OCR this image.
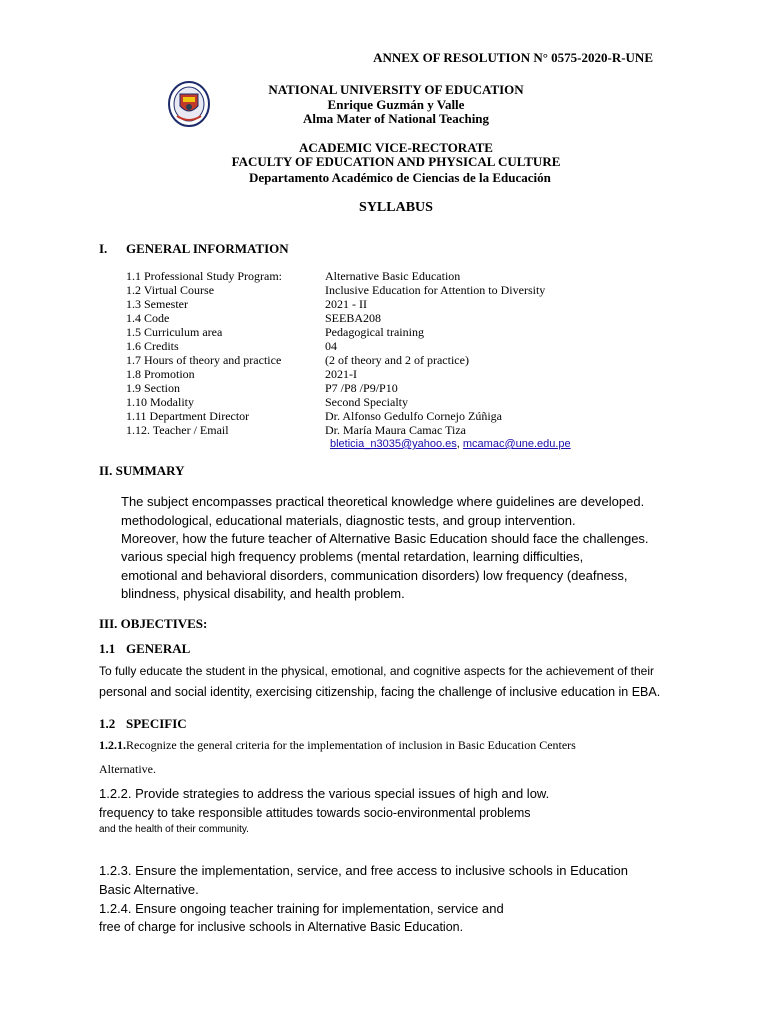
ANNEX OF RESOLUTION N° 0575-2020-R-UNE
NATIONAL UNIVERSITY OF EDUCATION
Enrique Guzmán y Valle
Alma Mater of National Teaching
ACADEMIC VICE-RECTORATE
FACULTY OF EDUCATION AND PHYSICAL CULTURE
Departamento Académico de Ciencias de la Educación
SYLLABUS
I. GENERAL INFORMATION
1.1 Professional Study Program:	Alternative Basic Education
1.2 Virtual Course	Inclusive Education for Attention to Diversity
1.3 Semester	2021 - II
1.4 Code	SEEBA208
1.5 Curriculum area	Pedagogical training
1.6 Credits	04
1.7 Hours of theory and practice	(2 of theory and 2 of practice)
1.8 Promotion	2021-I
1.9 Section	P7 /P8 /P9/P10
1.10 Modality	Second Specialty
1.11 Department Director	Dr. Alfonso Gedulfo Cornejo Zúñiga
1.12. Teacher / Email	Dr. María Maura Camac Tiza
bleticia_n3035@yahoo.es, mcamac@une.edu.pe
II. SUMMARY
The subject encompasses practical theoretical knowledge where guidelines are developed.
methodological, educational materials, diagnostic tests, and group intervention.
Moreover, how the future teacher of Alternative Basic Education should face the challenges.
various special high frequency problems (mental retardation, learning difficulties,
emotional and behavioral disorders, communication disorders) low frequency (deafness,
blindness, physical disability, and health problem.
III. OBJECTIVES:
1.1 GENERAL
To fully educate the student in the physical, emotional, and cognitive aspects for the achievement of their
personal and social identity, exercising citizenship, facing the challenge of inclusive education in EBA.
1.2 SPECIFIC
1.2.1.Recognize the general criteria for the implementation of inclusion in Basic Education Centers
Alternative.
1.2.2. Provide strategies to address the various special issues of high and low.
frequency to take responsible attitudes towards socio-environmental problems
and the health of their community.
1.2.3. Ensure the implementation, service, and free access to inclusive schools in Education
Basic Alternative.
1.2.4. Ensure ongoing teacher training for implementation, service and
free of charge for inclusive schools in Alternative Basic Education.
